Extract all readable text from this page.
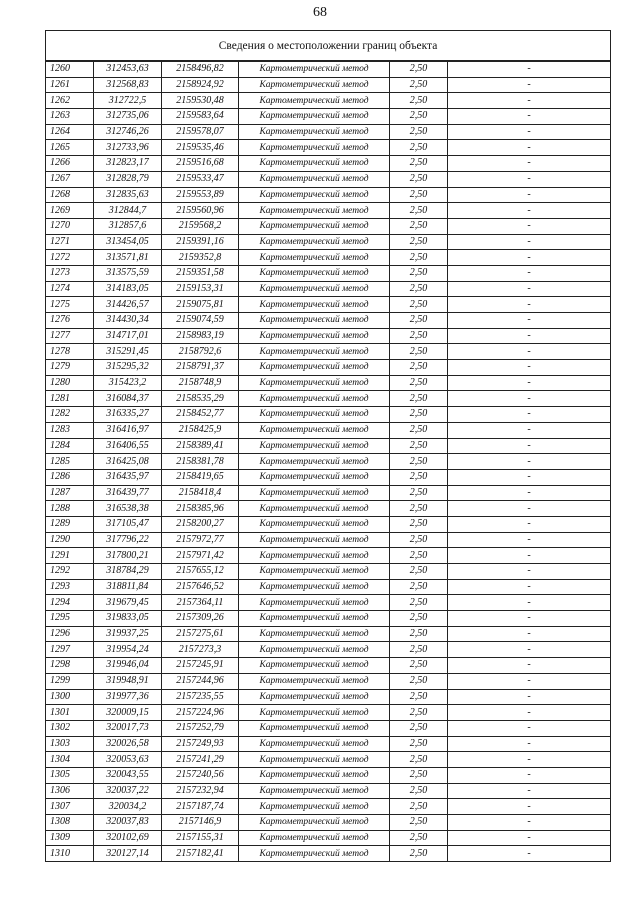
68
Сведения о местоположении границ объекта					
1260	312453,63	2158496,82	Картометрический метод	2,50	-
1261	312568,83	2158924,92	Картометрический метод	2,50	-
1262	312722,5	2159530,48	Картометрический метод	2,50	-
1263	312735,06	2159583,64	Картометрический метод	2,50	-
1264	312746,26	2159578,07	Картометрический метод	2,50	-
1265	312733,96	2159535,46	Картометрический метод	2,50	-
1266	312823,17	2159516,68	Картометрический метод	2,50	-
1267	312828,79	2159533,47	Картометрический метод	2,50	-
1268	312835,63	2159553,89	Картометрический метод	2,50	-
1269	312844,7	2159560,96	Картометрический метод	2,50	-
1270	312857,6	2159568,2	Картометрический метод	2,50	-
1271	313454,05	2159391,16	Картометрический метод	2,50	-
1272	313571,81	2159352,8	Картометрический метод	2,50	-
1273	313575,59	2159351,58	Картометрический метод	2,50	-
1274	314183,05	2159153,31	Картометрический метод	2,50	-
1275	314426,57	2159075,81	Картометрический метод	2,50	-
1276	314430,34	2159074,59	Картометрический метод	2,50	-
1277	314717,01	2158983,19	Картометрический метод	2,50	-
1278	315291,45	2158792,6	Картометрический метод	2,50	-
1279	315295,32	2158791,37	Картометрический метод	2,50	-
1280	315423,2	2158748,9	Картометрический метод	2,50	-
1281	316084,37	2158535,29	Картометрический метод	2,50	-
1282	316335,27	2158452,77	Картометрический метод	2,50	-
1283	316416,97	2158425,9	Картометрический метод	2,50	-
1284	316406,55	2158389,41	Картометрический метод	2,50	-
1285	316425,08	2158381,78	Картометрический метод	2,50	-
1286	316435,97	2158419,65	Картометрический метод	2,50	-
1287	316439,77	2158418,4	Картометрический метод	2,50	-
1288	316538,38	2158385,96	Картометрический метод	2,50	-
1289	317105,47	2158200,27	Картометрический метод	2,50	-
1290	317796,22	2157972,77	Картометрический метод	2,50	-
1291	317800,21	2157971,42	Картометрический метод	2,50	-
1292	318784,29	2157655,12	Картометрический метод	2,50	-
1293	318811,84	2157646,52	Картометрический метод	2,50	-
1294	319679,45	2157364,11	Картометрический метод	2,50	-
1295	319833,05	2157309,26	Картометрический метод	2,50	-
1296	319937,25	2157275,61	Картометрический метод	2,50	-
1297	319954,24	2157273,3	Картометрический метод	2,50	-
1298	319946,04	2157245,91	Картометрический метод	2,50	-
1299	319948,91	2157244,96	Картометрический метод	2,50	-
1300	319977,36	2157235,55	Картометрический метод	2,50	-
1301	320009,15	2157224,96	Картометрический метод	2,50	-
1302	320017,73	2157252,79	Картометрический метод	2,50	-
1303	320026,58	2157249,93	Картометрический метод	2,50	-
1304	320053,63	2157241,29	Картометрический метод	2,50	-
1305	320043,55	2157240,56	Картометрический метод	2,50	-
1306	320037,22	2157232,94	Картометрический метод	2,50	-
1307	320034,2	2157187,74	Картометрический метод	2,50	-
1308	320037,83	2157146,9	Картометрический метод	2,50	-
1309	320102,69	2157155,31	Картометрический метод	2,50	-
1310	320127,14	2157182,41	Картометрический метод	2,50	-
